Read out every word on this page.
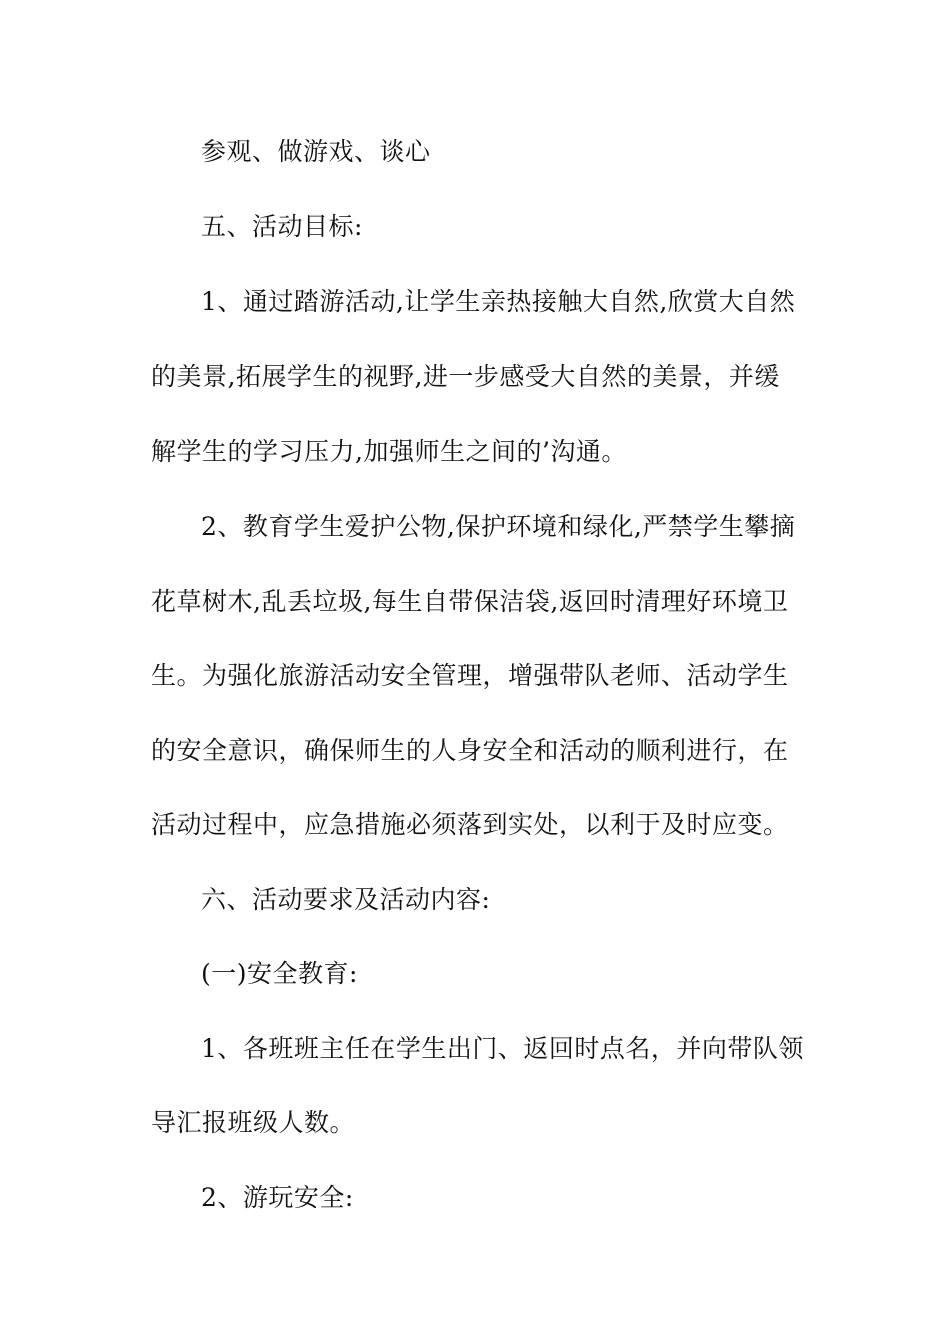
参观、做游戏、谈心
五、活动目标:
1、通过踏游活动,让学生亲热接触大自然,欣赏大自然
的美景,拓展学生的视野,进一步感受大自然的美景，并缓
解学生的学习压力,加强师生之间的’沟通。
2、教育学生爱护公物,保护环境和绿化,严禁学生攀摘
花草树木,乱丢垃圾,每生自带保洁袋,返回时清理好环境卫
生。为强化旅游活动安全管理，增强带队老师、活动学生
的安全意识，确保师生的人身安全和活动的顺利进行，在
活动过程中，应急措施必须落到实处，以利于及时应变。
六、活动要求及活动内容:
(一)安全教育:
1、各班班主任在学生出门、返回时点名，并向带队领
导汇报班级人数。
2、游玩安全:
